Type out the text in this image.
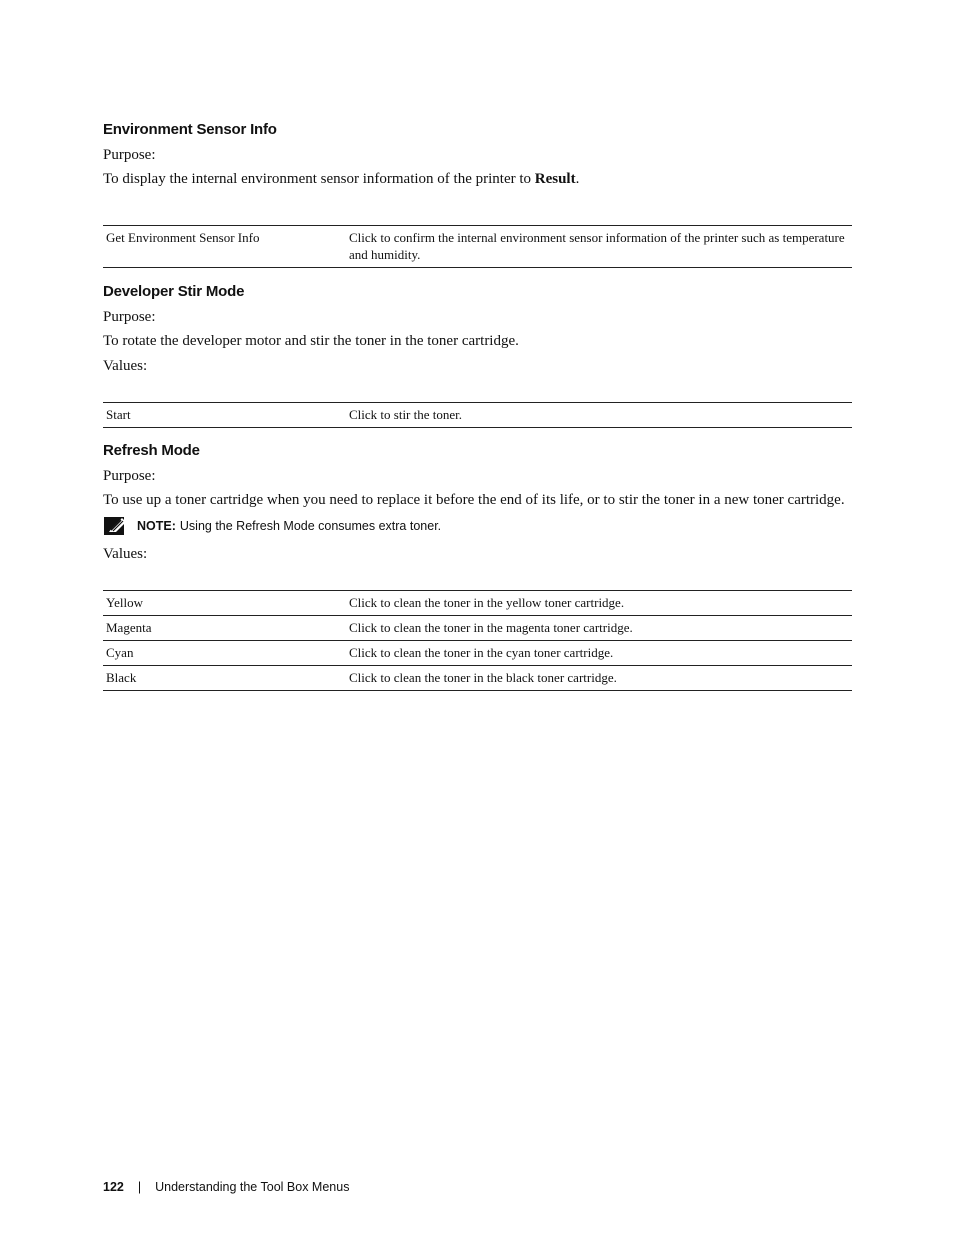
Environment Sensor Info

Purpose:

To display the internal environment sensor information of the printer to Result.

Get Environment Sensor Info	Click to confirm the internal environment sensor information of the printer such as temperature and humidity.
Developer Stir Mode

Purpose:

To rotate the developer motor and stir the toner in the toner cartridge.

Values:

Start	Click to stir the toner.
Refresh Mode

Purpose:

To use up a toner cartridge when you need to replace it before the end of its life, or to stir the toner in a new toner cartridge.

NOTE: Using the Refresh Mode consumes extra toner.

Values:

Yellow	Click to clean the toner in the yellow toner cartridge.
Magenta	Click to clean the toner in the magenta toner cartridge.
Cyan	Click to clean the toner in the cyan toner cartridge.
Black	Click to clean the toner in the black toner cartridge.
122 | Understanding the Tool Box Menus
